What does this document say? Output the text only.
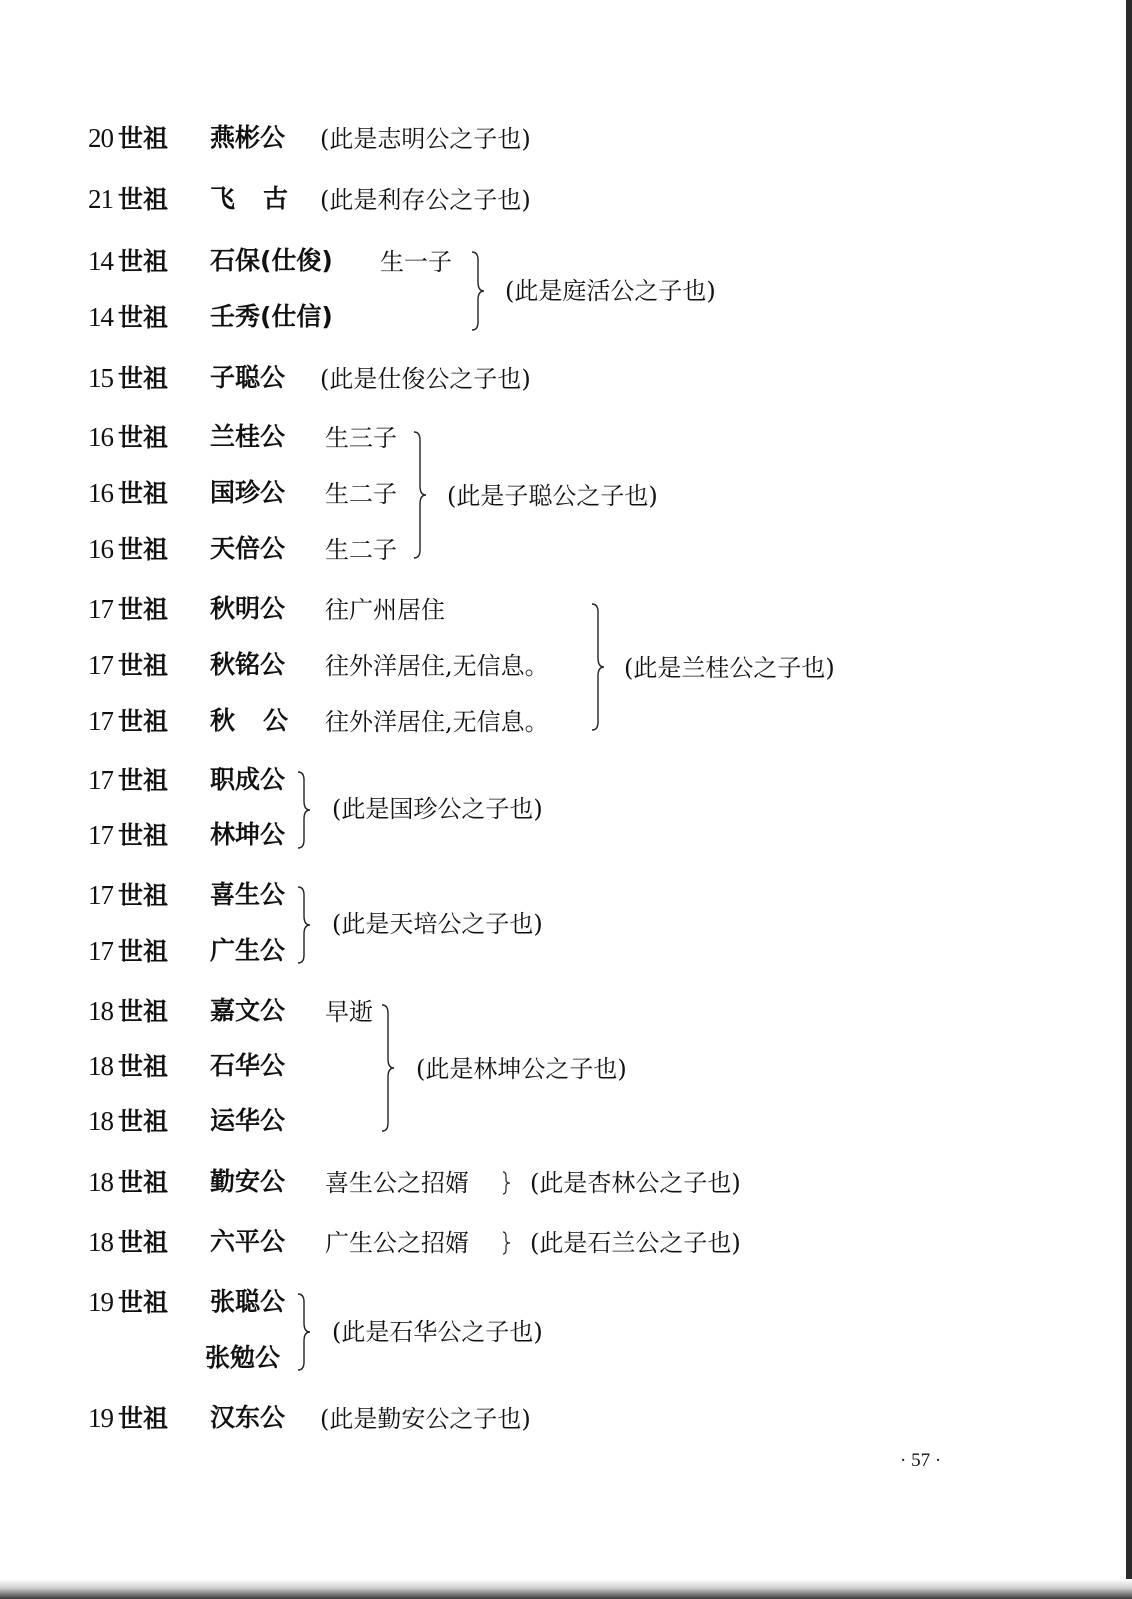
20 世祖 燕彬公 (此是志明公之子也)
21 世祖 飞古 (此是利存公之子也)
14 世祖 石保(仕俊) 生一子
14 世祖 壬秀(仕信)
(此是庭活公之子也)
15 世祖 子聪公 (此是仕俊公之子也)
16 世祖 兰桂公 生三子
16 世祖 国珍公 生二子
16 世祖 天倍公 生二子
(此是子聪公之子也)
17 世祖 秋明公 往广州居住
17 世祖 秋铭公 往外洋居住,无信息。
17 世祖 秋公 往外洋居住,无信息。
(此是兰桂公之子也)
17 世祖 职成公
17 世祖 林坤公
(此是国珍公之子也)
17 世祖 喜生公
17 世祖 广生公
(此是天培公之子也)
18 世祖 嘉文公 早逝
18 世祖 石华公
18 世祖 运华公
(此是林坤公之子也)
18 世祖 勤安公 喜生公之招婿	(此是杏林公之子也)
18 世祖 六平公 广生公之招婿	(此是石兰公之子也)
19 世祖 张聪公
张勉公
(此是石华公之子也)
19 世祖 汉东公 (此是勤安公之子也)
· 57 ·
